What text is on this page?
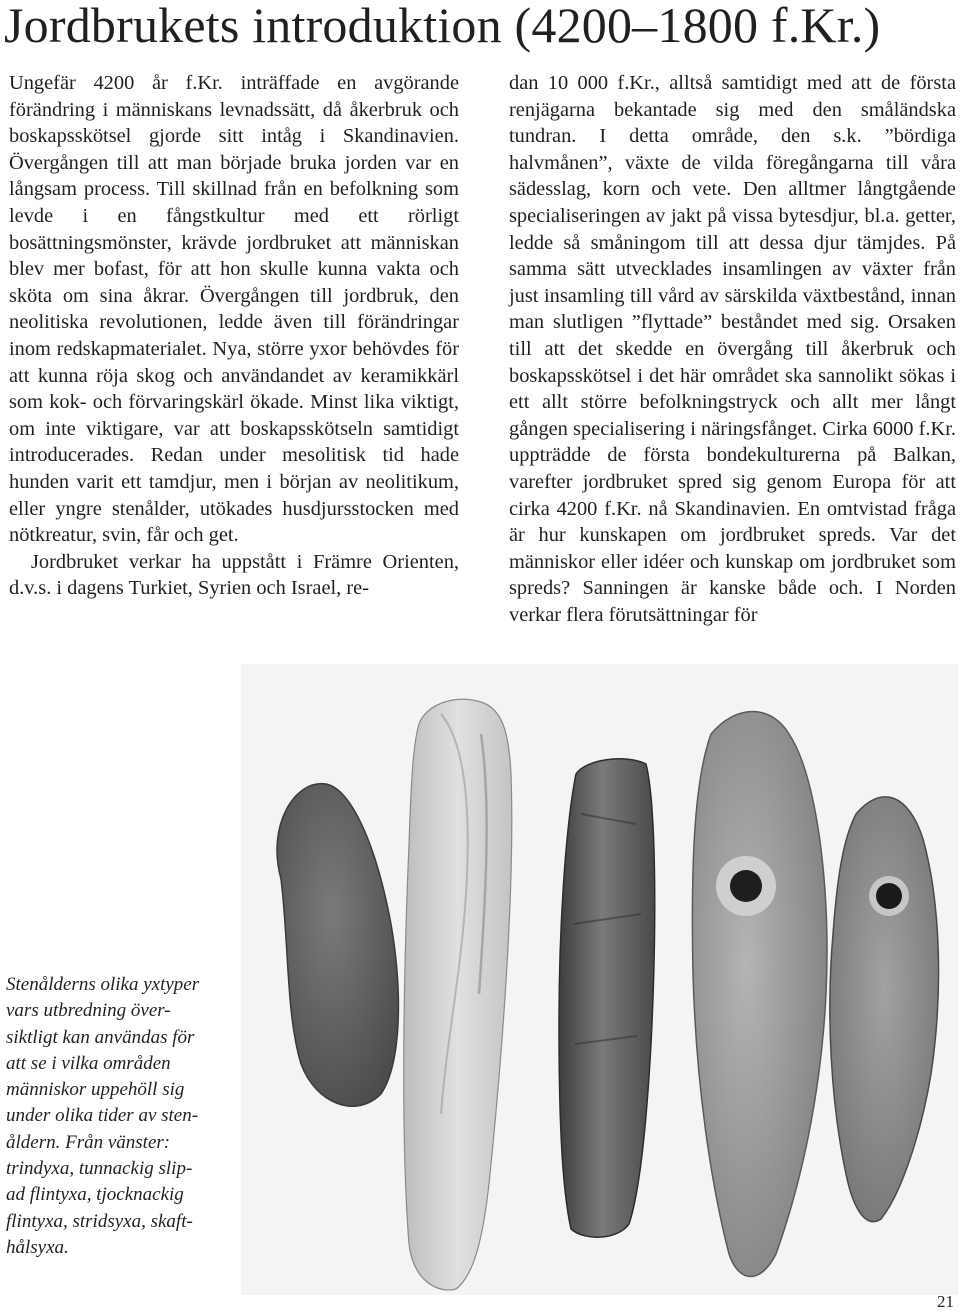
Jordbrukets introduktion (4200–1800 f.Kr.)

Ungefär 4200 år f.Kr. inträffade en avgörande förändring i människans levnadssätt, då åkerbruk och boskapsskötsel gjorde sitt intåg i Skandinavien. Övergången till att man började bruka jorden var en långsam process. Till skillnad från en befolkning som levde i en fångstkultur med ett rörligt bosättningsmönster, krävde jordbruket att människan blev mer bofast, för att hon skulle kunna vakta och sköta om sina åkrar. Övergången till jordbruk, den neolitiska revolutionen, ledde även till förändringar inom redskapmaterialet. Nya, större yxor behövdes för att kunna röja skog och användandet av keramikkärl som kok- och förvaringskärl ökade. Minst lika viktigt, om inte viktigare, var att boskapsskötseln samtidigt introducerades. Redan under mesolitisk tid hade hunden varit ett tamdjur, men i början av neolitikum, eller yngre stenålder, utökades husdjursstocken med nötkreatur, svin, får och get.

Jordbruket verkar ha uppstått i Främre Orienten, d.v.s. i dagens Turkiet, Syrien och Israel, re-

dan 10 000 f.Kr., alltså samtidigt med att de första renjägarna bekantade sig med den småländska tundran. I detta område, den s.k. ”bördiga halvmånen”, växte de vilda föregångarna till våra sädesslag, korn och vete. Den alltmer långtgående specialiseringen av jakt på vissa bytesdjur, bl.a. getter, ledde så småningom till att dessa djur tämjdes. På samma sätt utvecklades insamlingen av växter från just insamling till vård av särskilda växtbestånd, innan man slutligen ”flyttade” beståndet med sig. Orsaken till att det skedde en övergång till åkerbruk och boskapsskötsel i det här området ska sannolikt sökas i ett allt större befolkningstryck och allt mer långt gången specialisering i näringsfånget. Cirka 6000 f.Kr. uppträdde de första bondekulturerna på Balkan, varefter jordbruket spred sig genom Europa för att cirka 4200 f.Kr. nå Skandinavien. En omtvistad fråga är hur kunskapen om jordbruket spreds. Var det människor eller idéer och kunskap om jordbruket som spreds? Sanningen är kanske både och. I Norden verkar flera förutsättningar för

Stenålderns olika yxtyper
vars utbredning över-
siktligt kan användas för
att se i vilka områden
människor uppehöll sig
under olika tider av sten-
åldern. Från vänster:
trindyxa, tunnackig slip-
ad flintyxa, tjocknackig
flintyxa, stridsyxa, skaft-
hålsyxa.
21
